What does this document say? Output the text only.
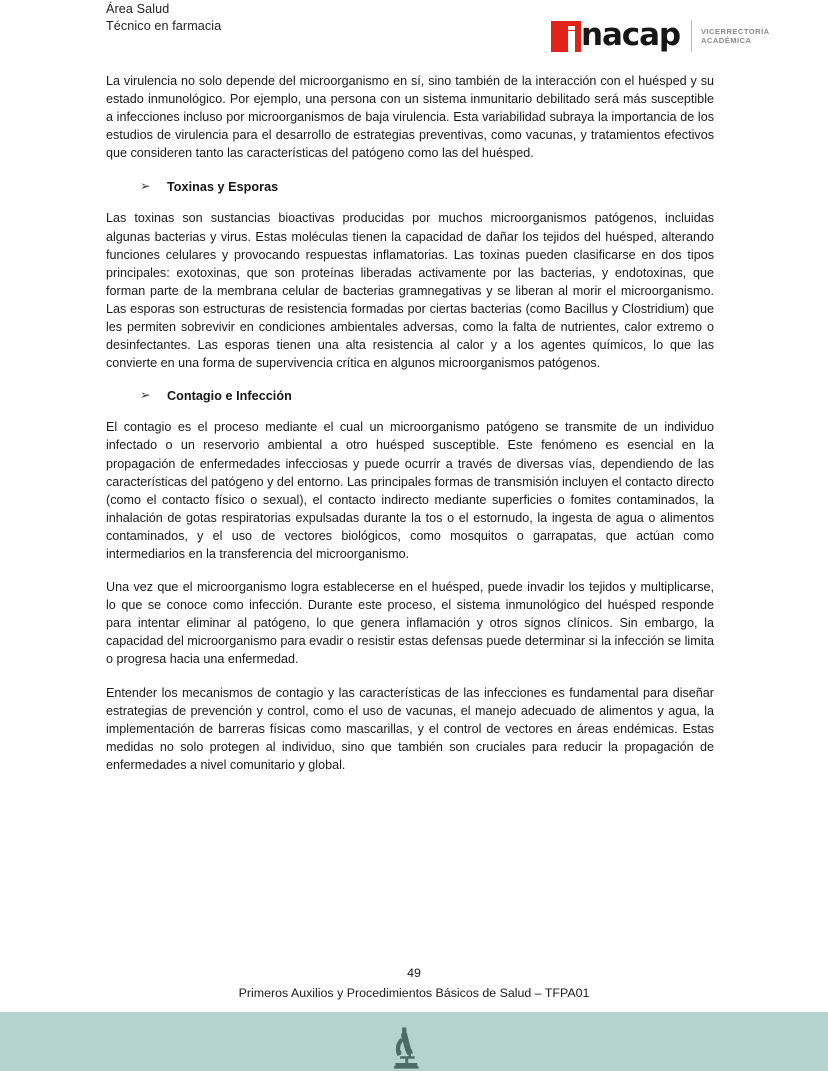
Área Salud
Técnico en farmacia	nacap	VICERRECTORÍA
ACADÉMICA

La virulencia no solo depende del microorganismo en sí, sino también de la interacción con el huésped y su estado inmunológico. Por ejemplo, una persona con un sistema inmunitario debilitado será más susceptible a infecciones incluso por microorganismos de baja virulencia. Esta variabilidad subraya la importancia de los estudios de virulencia para el desarrollo de estrategias preventivas, como vacunas, y tratamientos efectivos que consideren tanto las características del patógeno como las del huésped.

➢ Toxinas y Esporas

Las toxinas son sustancias bioactivas producidas por muchos microorganismos patógenos, incluidas algunas bacterias y virus. Estas moléculas tienen la capacidad de dañar los tejidos del huésped, alterando funciones celulares y provocando respuestas inflamatorias. Las toxinas pueden clasificarse en dos tipos principales: exotoxinas, que son proteínas liberadas activamente por las bacterias, y endotoxinas, que forman parte de la membrana celular de bacterias gramnegativas y se liberan al morir el microorganismo. Las esporas son estructuras de resistencia formadas por ciertas bacterias (como Bacillus y Clostridium) que les permiten sobrevivir en condiciones ambientales adversas, como la falta de nutrientes, calor extremo o desinfectantes. Las esporas tienen una alta resistencia al calor y a los agentes químicos, lo que las convierte en una forma de supervivencia crítica en algunos microorganismos patógenos.

➢ Contagio e Infección

El contagio es el proceso mediante el cual un microorganismo patógeno se transmite de un individuo infectado o un reservorio ambiental a otro huésped susceptible. Este fenómeno es esencial en la propagación de enfermedades infecciosas y puede ocurrir a través de diversas vías, dependiendo de las características del patógeno y del entorno. Las principales formas de transmisión incluyen el contacto directo (como el contacto físico o sexual), el contacto indirecto mediante superficies o fomites contaminados, la inhalación de gotas respiratorias expulsadas durante la tos o el estornudo, la ingesta de agua o alimentos contaminados, y el uso de vectores biológicos, como mosquitos o garrapatas, que actúan como intermediarios en la transferencia del microorganismo.

Una vez que el microorganismo logra establecerse en el huésped, puede invadir los tejidos y multiplicarse, lo que se conoce como infección. Durante este proceso, el sistema inmunológico del huésped responde para intentar eliminar al patógeno, lo que genera inflamación y otros signos clínicos. Sin embargo, la capacidad del microorganismo para evadir o resistir estas defensas puede determinar si la infección se limita o progresa hacia una enfermedad.

Entender los mecanismos de contagio y las características de las infecciones es fundamental para diseñar estrategias de prevención y control, como el uso de vacunas, el manejo adecuado de alimentos y agua, la implementación de barreras físicas como mascarillas, y el control de vectores en áreas endémicas. Estas medidas no solo protegen al individuo, sino que también son cruciales para reducir la propagación de enfermedades a nivel comunitario y global.

49
Primeros Auxilios y Procedimientos Básicos de Salud – TFPA01
